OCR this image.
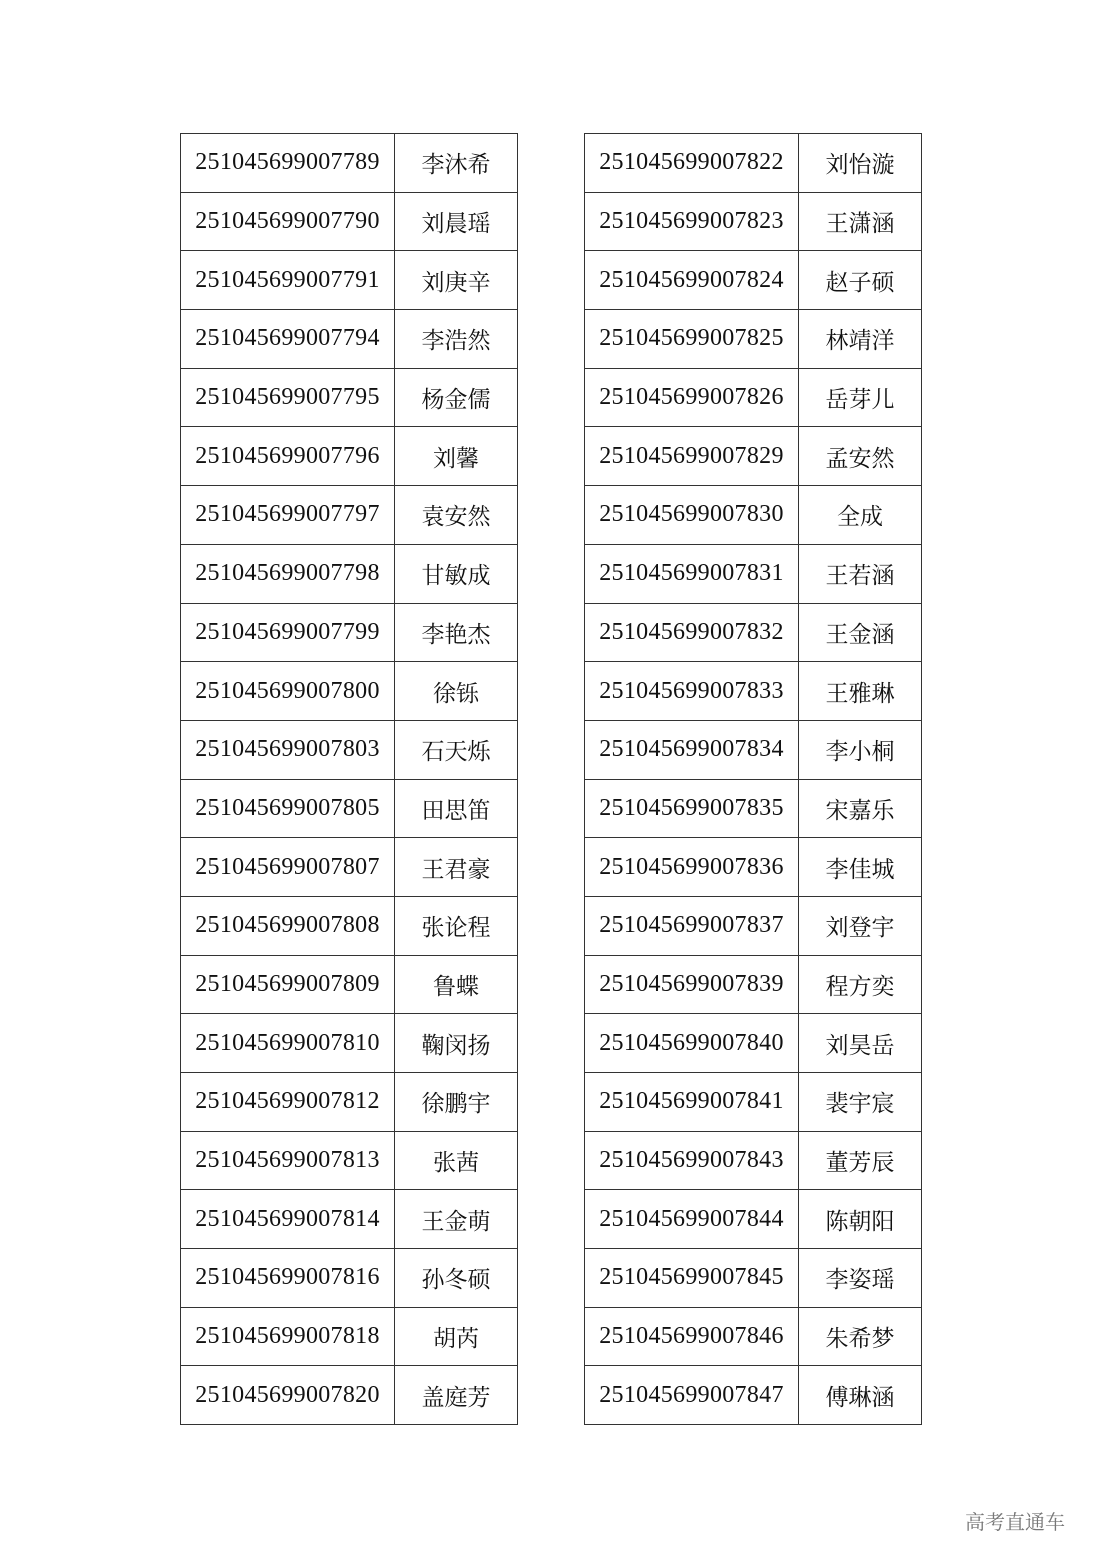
251045699007789	李沐希
251045699007790	刘晨瑶
251045699007791	刘庚辛
251045699007794	李浩然
251045699007795	杨金儒
251045699007796	刘馨
251045699007797	袁安然
251045699007798	甘敏成
251045699007799	李艳杰
251045699007800	徐铄
251045699007803	石天烁
251045699007805	田思笛
251045699007807	王君豪
251045699007808	张论程
251045699007809	鲁蝶
251045699007810	鞠闵扬
251045699007812	徐鹏宇
251045699007813	张茜
251045699007814	王金萌
251045699007816	孙冬硕
251045699007818	胡芮
251045699007820	盖庭芳
251045699007822	刘怡漩
251045699007823	王潇涵
251045699007824	赵子硕
251045699007825	林靖洋
251045699007826	岳芽儿
251045699007829	孟安然
251045699007830	全成
251045699007831	王若涵
251045699007832	王金涵
251045699007833	王雅琳
251045699007834	李小桐
251045699007835	宋嘉乐
251045699007836	李佳城
251045699007837	刘登宇
251045699007839	程方奕
251045699007840	刘昊岳
251045699007841	裴宇宸
251045699007843	董芳辰
251045699007844	陈朝阳
251045699007845	李姿瑶
251045699007846	朱希梦
251045699007847	傅琳涵
高考直通车
